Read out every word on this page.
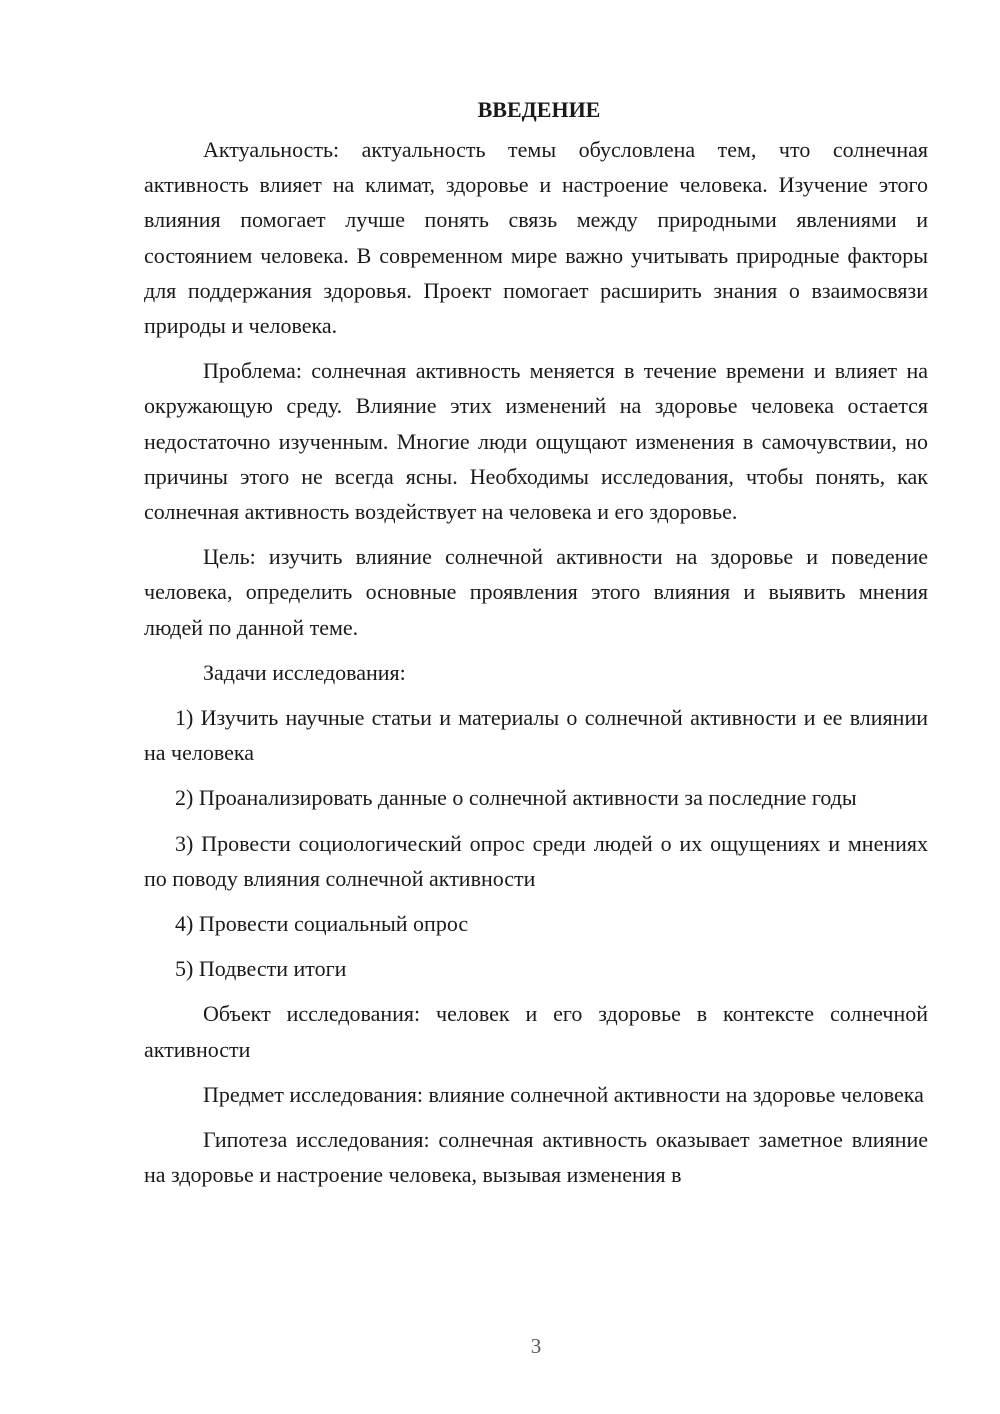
ВВЕДЕНИЕ

Актуальность: актуальность темы обусловлена тем, что солнечная активность влияет на климат, здоровье и настроение человека. Изучение этого влияния помогает лучше понять связь между природными явлениями и состоянием человека. В современном мире важно учитывать природные факторы для поддержания здоровья. Проект помогает расширить знания о взаимосвязи природы и человека.

Проблема: солнечная активность меняется в течение времени и влияет на окружающую среду. Влияние этих изменений на здоровье человека остается недостаточно изученным. Многие люди ощущают изменения в самочувствии, но причины этого не всегда ясны. Необходимы исследования, чтобы понять, как солнечная активность воздействует на человека и его здоровье.

Цель: изучить влияние солнечной активности на здоровье и поведение человека, определить основные проявления этого влияния и выявить мнения людей по данной теме.

Задачи исследования:

1) Изучить научные статьи и материалы о солнечной активности и ее влиянии на человека

2) Проанализировать данные о солнечной активности за последние годы

3) Провести социологический опрос среди людей о их ощущениях и мнениях по поводу влияния солнечной активности

4) Провести социальный опрос

5) Подвести итоги

Объект исследования: человек и его здоровье в контексте солнечной активности

Предмет исследования: влияние солнечной активности на здоровье человека

Гипотеза исследования: солнечная активность оказывает заметное влияние на здоровье и настроение человека, вызывая изменения в

3
